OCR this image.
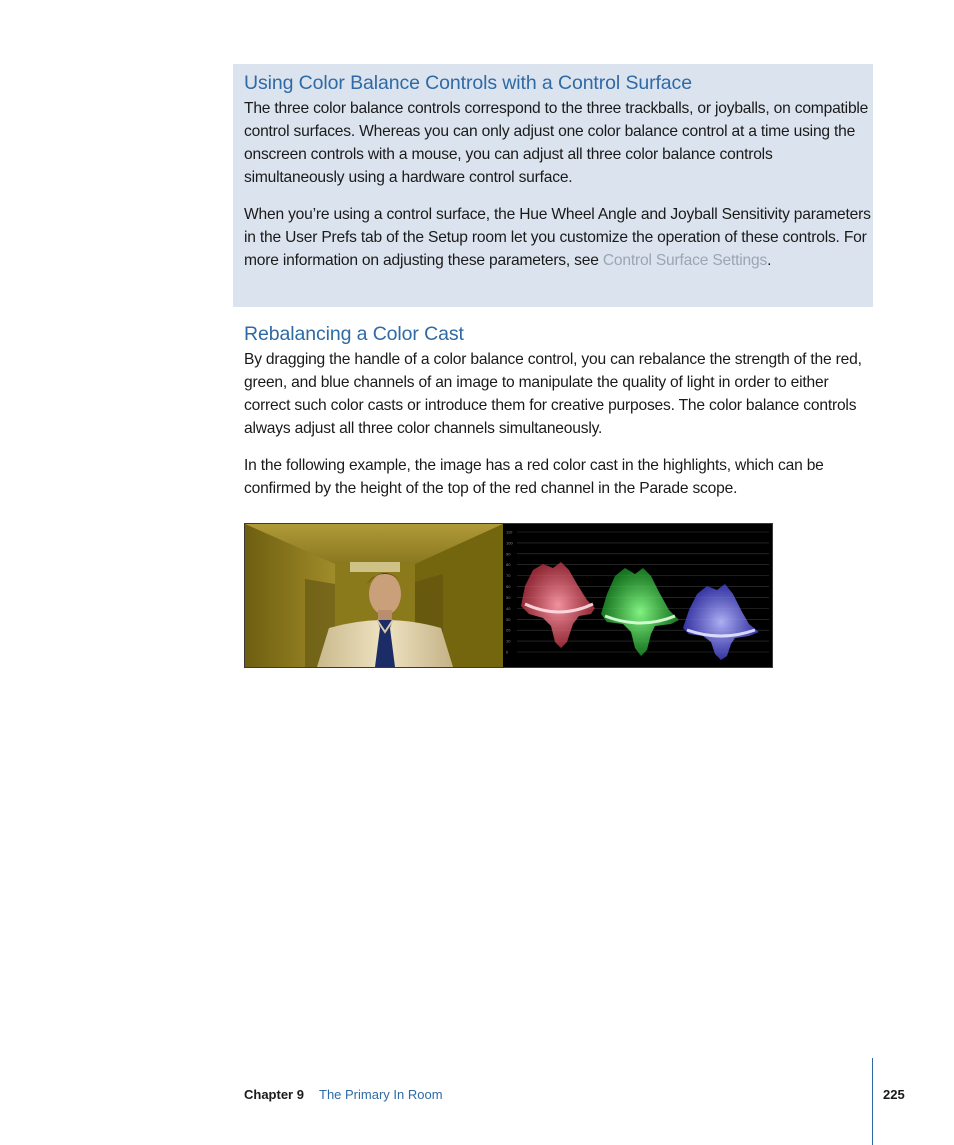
Using Color Balance Controls with a Control Surface

The three color balance controls correspond to the three trackballs, or joyballs, on compatible control surfaces. Whereas you can only adjust one color balance control at a time using the onscreen controls with a mouse, you can adjust all three color balance controls simultaneously using a hardware control surface.

When you’re using a control surface, the Hue Wheel Angle and Joyball Sensitivity parameters in the User Prefs tab of the Setup room let you customize the operation of these controls. For more information on adjusting these parameters, see Control Surface Settings.

Rebalancing a Color Cast

By dragging the handle of a color balance control, you can rebalance the strength of the red, green, and blue channels of an image to manipulate the quality of light in order to either correct such color casts or introduce them for creative purposes. The color balance controls always adjust all three color channels simultaneously.

In the following example, the image has a red color cast in the highlights, which can be confirmed by the height of the top of the red channel in the Parade scope.

110
100
90
80
70
60
50
40
30
20
10
0
Chapter 9 The Primary In Room	225
